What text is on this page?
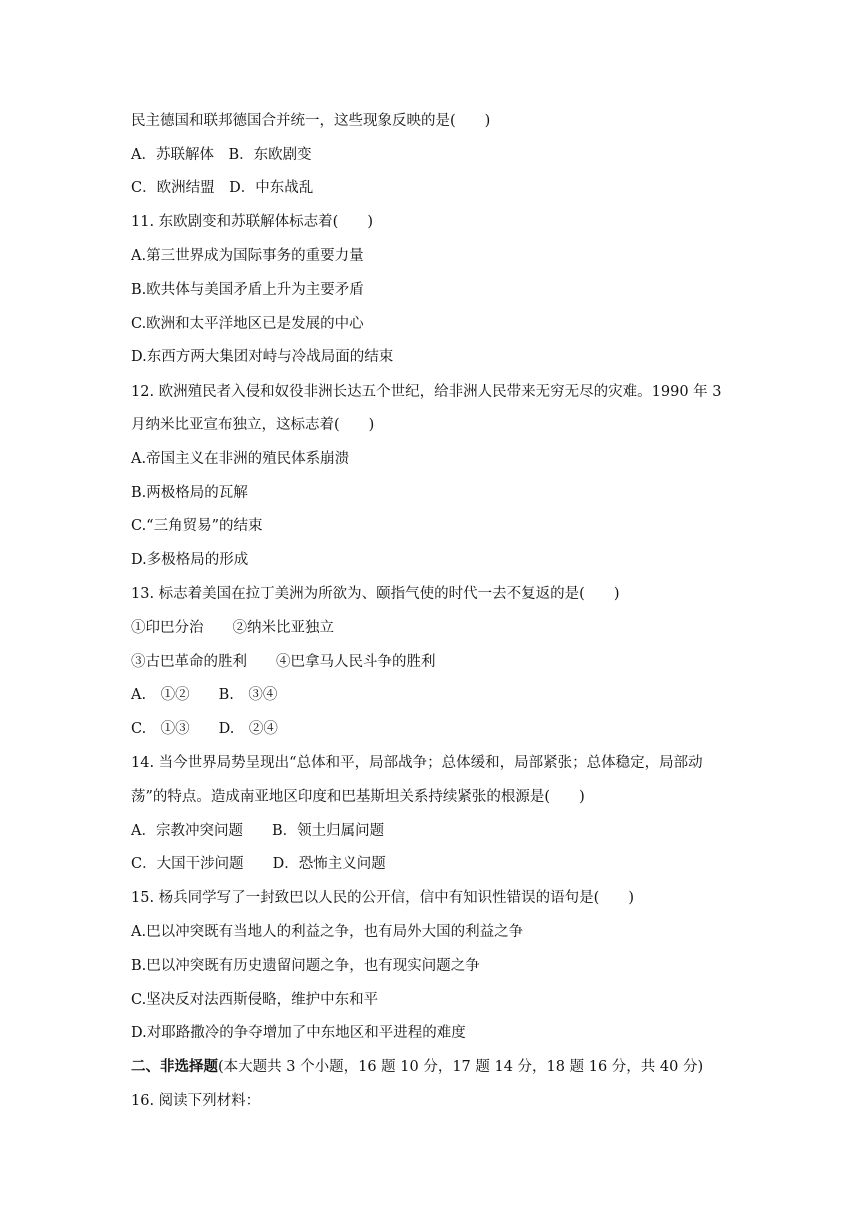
民主德国和联邦德国合并统一，这些现象反映的是(　　)
A．苏联解体　B．东欧剧变
C．欧洲结盟　D．中东战乱
11. 东欧剧变和苏联解体标志着(　　)
A.第三世界成为国际事务的重要力量
B.欧共体与美国矛盾上升为主要矛盾
C.欧洲和太平洋地区已是发展的中心
D.东西方两大集团对峙与冷战局面的结束
12. 欧洲殖民者入侵和奴役非洲长达五个世纪，给非洲人民带来无穷无尽的灾难。1990 年 3
月纳米比亚宣布独立，这标志着(　　)
A.帝国主义在非洲的殖民体系崩溃
B.两极格局的瓦解
C.“三角贸易”的结束
D.多极格局的形成
13. 标志着美国在拉丁美洲为所欲为、颐指气使的时代一去不复返的是(　　)
①印巴分治　　②纳米比亚独立
③古巴革命的胜利　　④巴拿马人民斗争的胜利
A.　①②　　B.　③④
C.　①③　　D.　②④
14. 当今世界局势呈现出“总体和平，局部战争；总体缓和，局部紧张；总体稳定，局部动
荡”的特点。造成南亚地区印度和巴基斯坦关系持续紧张的根源是(　　)
A．宗教冲突问题　　B．领土归属问题
C．大国干涉问题　　D．恐怖主义问题
15. 杨兵同学写了一封致巴以人民的公开信，信中有知识性错误的语句是(　　)
A.巴以冲突既有当地人的利益之争，也有局外大国的利益之争
B.巴以冲突既有历史遗留问题之争，也有现实问题之争
C.坚决反对法西斯侵略，维护中东和平
D.对耶路撒冷的争夺增加了中东地区和平进程的难度
二、非选择题(本大题共 3 个小题，16 题 10 分，17 题 14 分，18 题 16 分，共 40 分)
16. 阅读下列材料：
